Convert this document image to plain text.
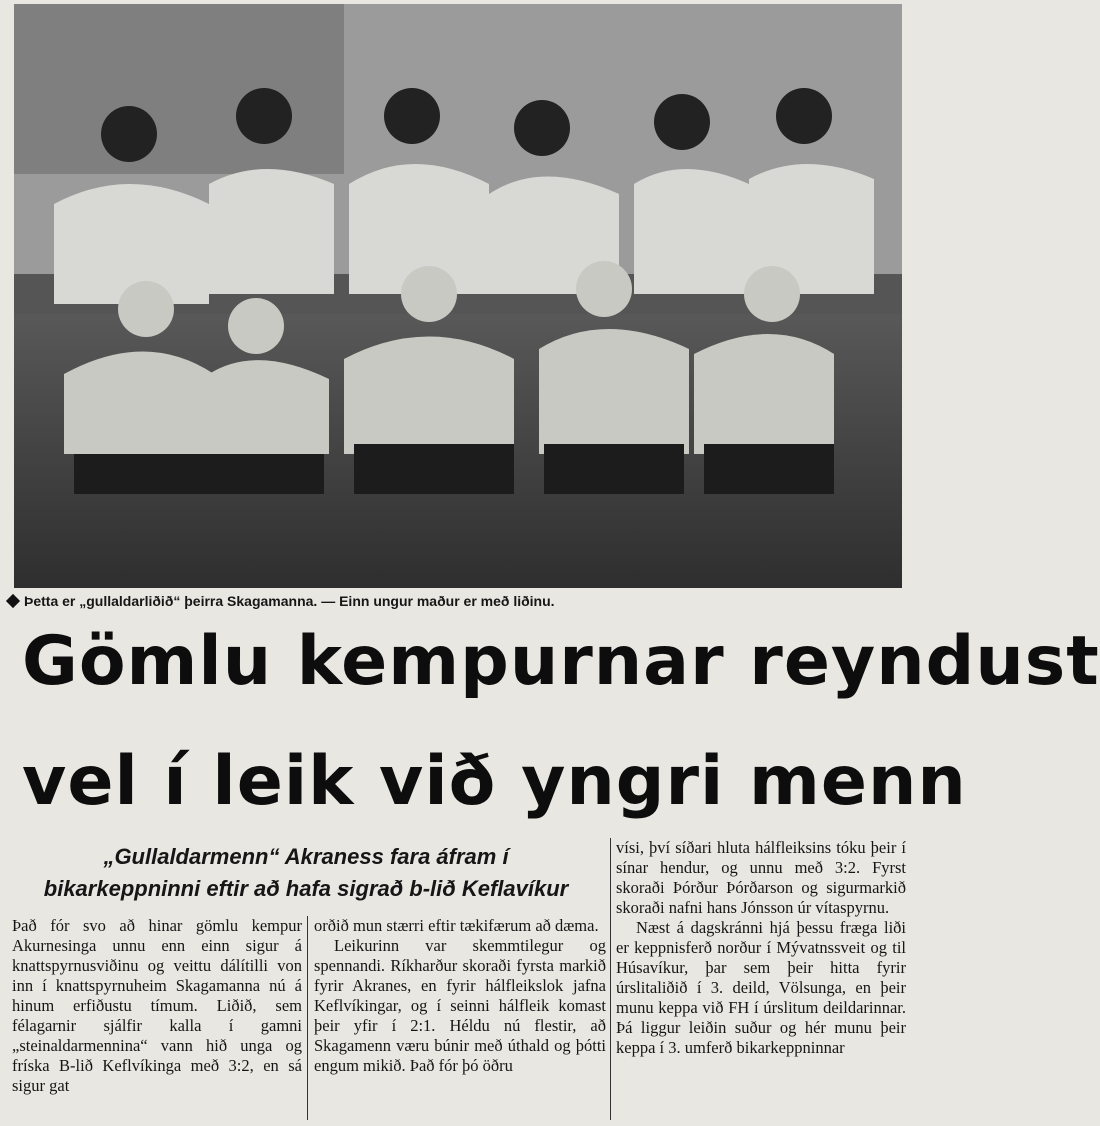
Þetta er „gullaldarliðið“ þeirra Skagamanna. — Einn ungur maður er með liðinu.
Gömlu kempurnar reyndust
vel í leik við yngri menn
„Gullaldarmenn“ Akraness fara áfram í
bikarkeppninni eftir að hafa sigrað b-lið Keflavíkur

Það fór svo að hinar gömlu kempur Akurnesinga unnu enn einn sigur á knattspyrnusviðinu og veittu dálítilli von inn í knattspyrnuheim Skagamanna nú á hinum erfiðustu tímum. Liðið, sem félagarnir sjálfir kalla í gamni „steinaldarmennina“ vann hið unga og fríska B-lið Keflvíkinga með 3:2, en sá sigur gat

orðið mun stærri eftir tækifærum að dæma.

Leikurinn var skemmtilegur og spennandi. Ríkharður skoraði fyrsta markið fyrir Akranes, en fyrir hálfleikslok jafna Keflvíkingar, og í seinni hálfleik komast þeir yfir í 2:1. Héldu nú flestir, að Skagamenn væru búnir með úthald og þótti engum mikið. Það fór þó öðru

vísi, því síðari hluta hálfleiksins tóku þeir í sínar hendur, og unnu með 3:2. Fyrst skoraði Þórður Þórðarson og sigurmarkið skoraði nafni hans Jónsson úr vítaspyrnu.

Næst á dagskránni hjá þessu fræga liði er keppnisferð norður í Mývatnssveit og til Húsavíkur, þar sem þeir hitta fyrir úrslitaliðið í 3. deild, Völsunga, en þeir munu keppa við FH í úrslitum deildarinnar. Þá liggur leiðin suður og hér munu þeir keppa í 3. umferð bikarkeppninnar
